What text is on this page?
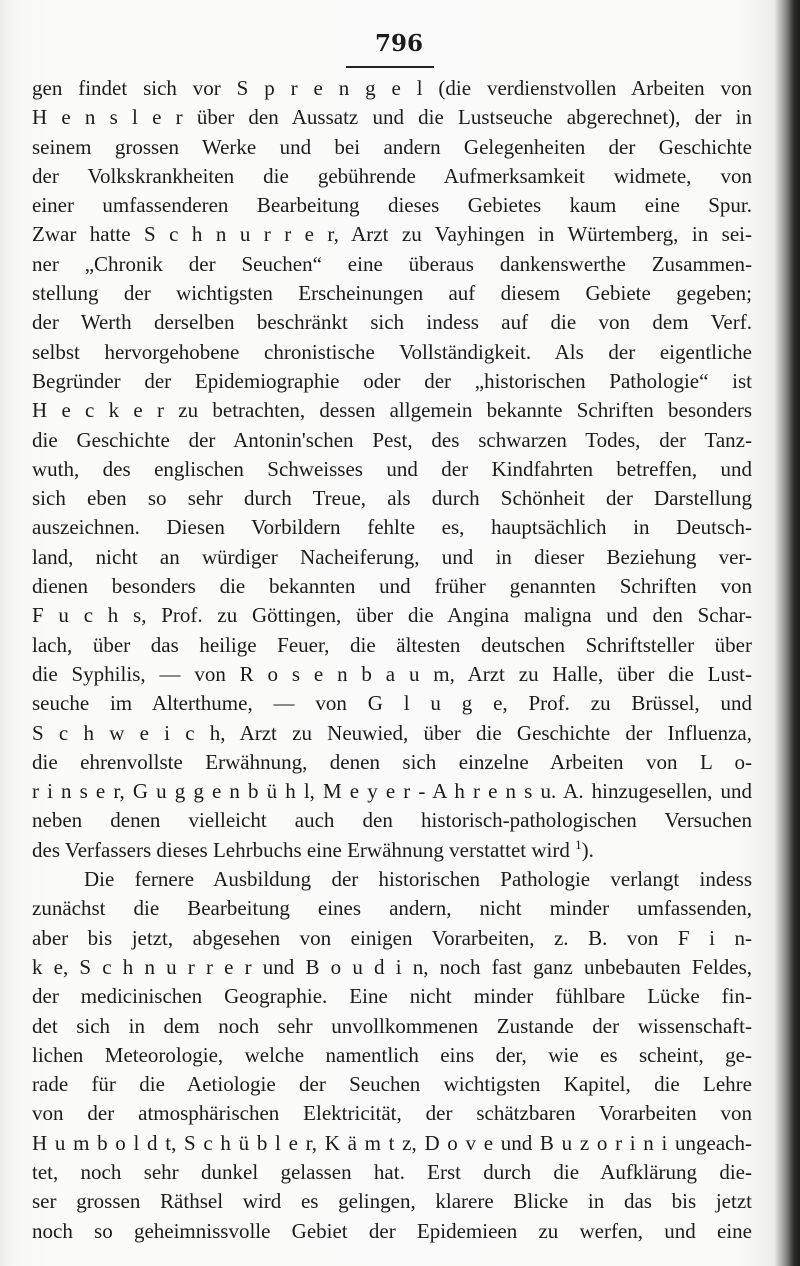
796
gen findet sich vor S p r e n g e l (die verdienstvollen Arbeiten von
H e n s l e r über den Aussatz und die Lustseuche abgerechnet), der in
seinem grossen Werke und bei andern Gelegenheiten der Geschichte
der Volkskrankheiten die gebührende Aufmerksamkeit widmete, von
einer umfassenderen Bearbeitung dieses Gebietes kaum eine Spur.
Zwar hatte S c h n u r r e r, Arzt zu Vayhingen in Würtemberg, in sei-
ner „Chronik der Seuchen“ eine überaus dankenswerthe Zusammen-
stellung der wichtigsten Erscheinungen auf diesem Gebiete gegeben;
der Werth derselben beschränkt sich indess auf die von dem Verf.
selbst hervorgehobene chronistische Vollständigkeit. Als der eigentliche
Begründer der Epidemiographie oder der „historischen Pathologie“ ist
H e c k e r zu betrachten, dessen allgemein bekannte Schriften besonders
die Geschichte der Antonin'schen Pest, des schwarzen Todes, der Tanz-
wuth, des englischen Schweisses und der Kindfahrten betreffen, und
sich eben so sehr durch Treue, als durch Schönheit der Darstellung
auszeichnen. Diesen Vorbildern fehlte es, hauptsächlich in Deutsch-
land, nicht an würdiger Nacheiferung, und in dieser Beziehung ver-
dienen besonders die bekannten und früher genannten Schriften von
F u c h s, Prof. zu Göttingen, über die Angina maligna und den Schar-
lach, über das heilige Feuer, die ältesten deutschen Schriftsteller über
die Syphilis, — von R o s e n b a u m, Arzt zu Halle, über die Lust-
seuche im Alterthume, — von G l u g e, Prof. zu Brüssel, und
S c h w e i c h, Arzt zu Neuwied, über die Geschichte der Influenza,
die ehrenvollste Erwähnung, denen sich einzelne Arbeiten von L o-
r i n s e r, G u g g e n b ü h l, M e y e r - A h r e n s u. A. hinzugesellen, und
neben denen vielleicht auch den historisch-pathologischen Versuchen
des Verfassers dieses Lehrbuchs eine Erwähnung verstattet wird $^1$).
Die fernere Ausbildung der historischen Pathologie verlangt indess
zunächst die Bearbeitung eines andern, nicht minder umfassenden,
aber bis jetzt, abgesehen von einigen Vorarbeiten, z. B. von F i n-
k e, S c h n u r r e r und B o u d i n, noch fast ganz unbebauten Feldes,
der medicinischen Geographie. Eine nicht minder fühlbare Lücke fin-
det sich in dem noch sehr unvollkommenen Zustande der wissenschaft-
lichen Meteorologie, welche namentlich eins der, wie es scheint, ge-
rade für die Aetiologie der Seuchen wichtigsten Kapitel, die Lehre
von der atmosphärischen Elektricität, der schätzbaren Vorarbeiten von
H u m b o l d t, S c h ü b l e r, K ä m t z, D o v e und B u z o r i n i ungeach-
tet, noch sehr dunkel gelassen hat. Erst durch die Aufklärung die-
ser grossen Räthsel wird es gelingen, klarere Blicke in das bis jetzt
noch so geheimnissvolle Gebiet der Epidemieen zu werfen, und eine
